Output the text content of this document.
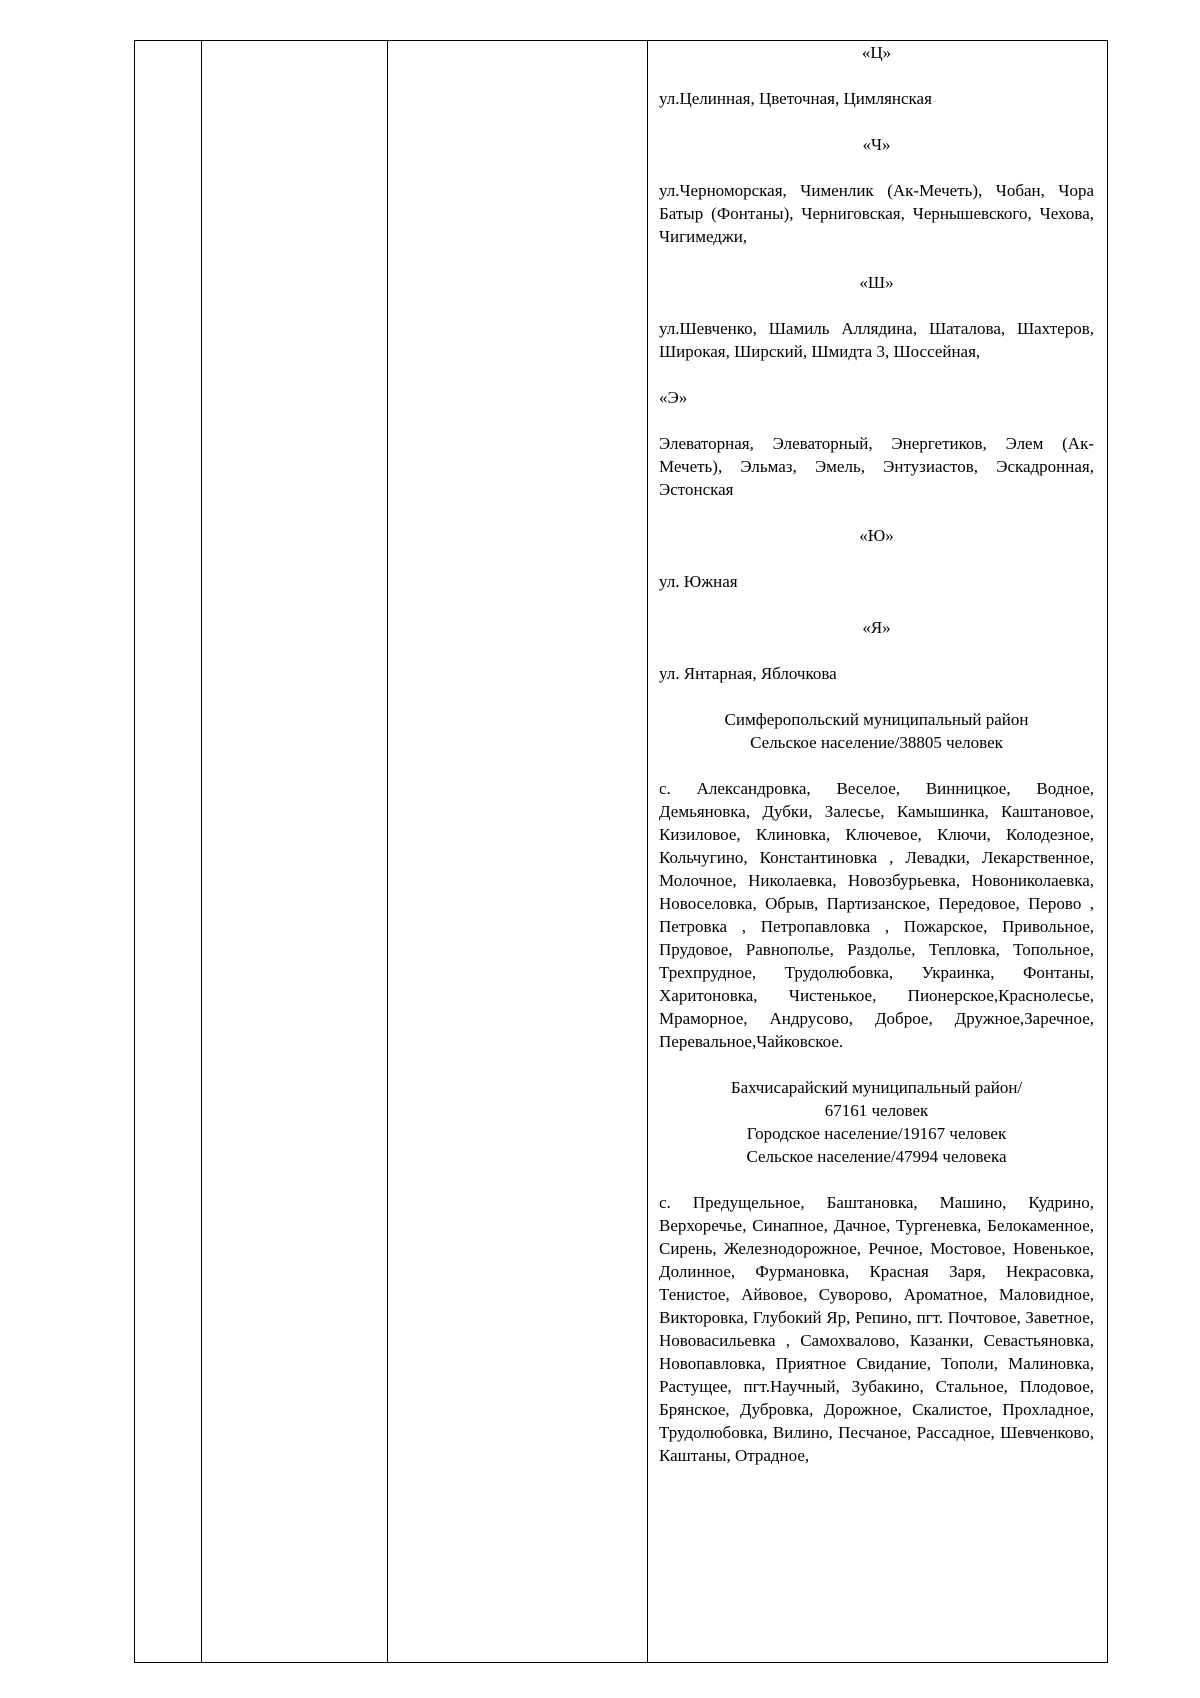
«Ц»

ул.Целинная, Цветочная, Цимлянская

«Ч»

ул.Черноморская, Чименлик (Ак-Мечеть), Чобан, Чора Батыр (Фонтаны), Черниговская, Чернышевского, Чехова, Чигимеджи,

«Ш»

ул.Шевченко, Шамиль Аллядина, Шаталова, Шахтеров, Широкая, Ширский, Шмидта 3, Шоссейная,

«Э»

Элеваторная, Элеваторный, Энергетиков, Элем (Ак-Мечеть), Эльмаз, Эмель, Энтузиастов, Эскадронная, Эстонская

«Ю»

ул. Южная

«Я»

ул. Янтарная, Яблочкова

Симферопольский муниципальный район

Сельское население/38805 человек

с. Александровка, Веселое, Винницкое, Водное, Демьяновка, Дубки, Залесье, Камышинка, Каштановое, Кизиловое, Клиновка, Ключевое, Ключи, Колодезное, Кольчугино, Константиновка , Левадки, Лекарственное, Молочное, Николаевка, Новозбурьевка, Новониколаевка, Новоселовка, Обрыв, Партизанское, Передовое, Перово , Петровка , Петропавловка , Пожарское, Привольное, Прудовое, Равнополье, Раздолье, Тепловка, Топольное, Трехпрудное, Трудолюбовка, Украинка, Фонтаны, Харитоновка, Чистенькое, Пионерское,Краснолесье, Мраморное, Андрусово, Доброе, Дружное,Заречное, Перевальное,Чайковское.

Бахчисарайский муниципальный район/

67161 человек

Городское население/19167 человек

Сельское население/47994 человека

с. Предущельное, Баштановка, Машино, Кудрино, Верхоречье, Синапное, Дачное, Тургеневка, Белокаменное, Сирень, Железнодорожное, Речное, Мостовое, Новенькое, Долинное, Фурмановка, Красная Заря, Некрасовка, Тенистое, Айвовое, Суворово, Ароматное, Маловидное, Викторовка, Глубокий Яр, Репино, пгт. Почтовое, Заветное, Нововасильевка , Самохвалово, Казанки, Севастьяновка, Новопавловка, Приятное Свидание, Тополи, Малиновка, Растущее, пгт.Научный, Зубакино, Стальное, Плодовое, Брянское, Дубровка, Дорожное, Скалистое, Прохладное, Трудолюбовка, Вилино, Песчаное, Рассадное, Шевченково, Каштаны, Отрадное,
